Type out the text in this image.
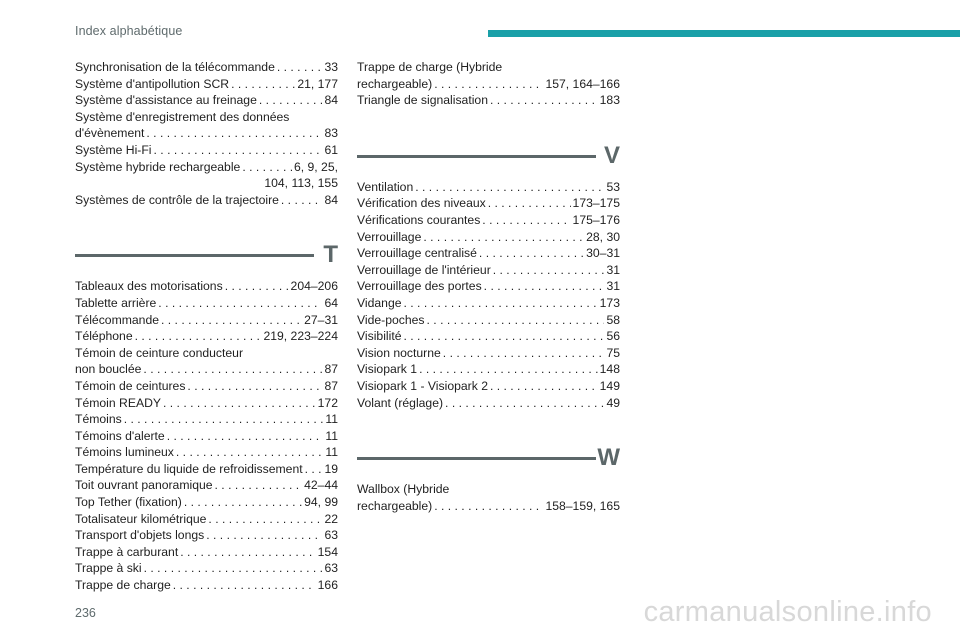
Index alphabétique
Synchronisation de la télécommande . . .	33
Système d'antipollution SCR . . .	21, 177
Système d'assistance au freinage . . .	84
Système d'enregistrement des données
d'évènement . . .	83
Système Hi-Fi . . .	61
Système hybride rechargeable . . .	6, 9, 25,
104, 113, 155
Systèmes de contrôle de la trajectoire . . .	84
T
Tableaux des motorisations . . .	204–206
Tablette arrière . . .	64
Télécommande . . .	27–31
Téléphone . . .	219, 223–224
Témoin de ceinture conducteur
non bouclée . . .	87
Témoin de ceintures . . .	87
Témoin READY . . .	172
Témoins . . .	11
Témoins d'alerte . . .	11
Témoins lumineux . . .	11
Température du liquide de refroidissement . . . 19
Toit ouvrant panoramique . . .	42–44
Top Tether (fixation) . . .	94, 99
Totalisateur kilométrique . . .	22
Transport d'objets longs . . .	63
Trappe à carburant . . .	154
Trappe à ski . . .	63
Trappe de charge . . .	166
Trappe de charge (Hybride
rechargeable) . . .	157, 164–166
Triangle de signalisation . . .	183
V
Ventilation . . .	53
Vérification des niveaux . . .	173–175
Vérifications courantes . . .	175–176
Verrouillage . . .	28, 30
Verrouillage centralisé . . .	30–31
Verrouillage de l'intérieur . . .	31
Verrouillage des portes . . .	31
Vidange . . .	173
Vide-poches . . .	58
Visibilité . . .	56
Vision nocturne . . .	75
Visiopark 1 . . .	148
Visiopark 1 - Visiopark 2 . . .	149
Volant (réglage) . . .	49
W
Wallbox (Hybride
rechargeable) . . .	158–159, 165
236	carmanualsonline.info
